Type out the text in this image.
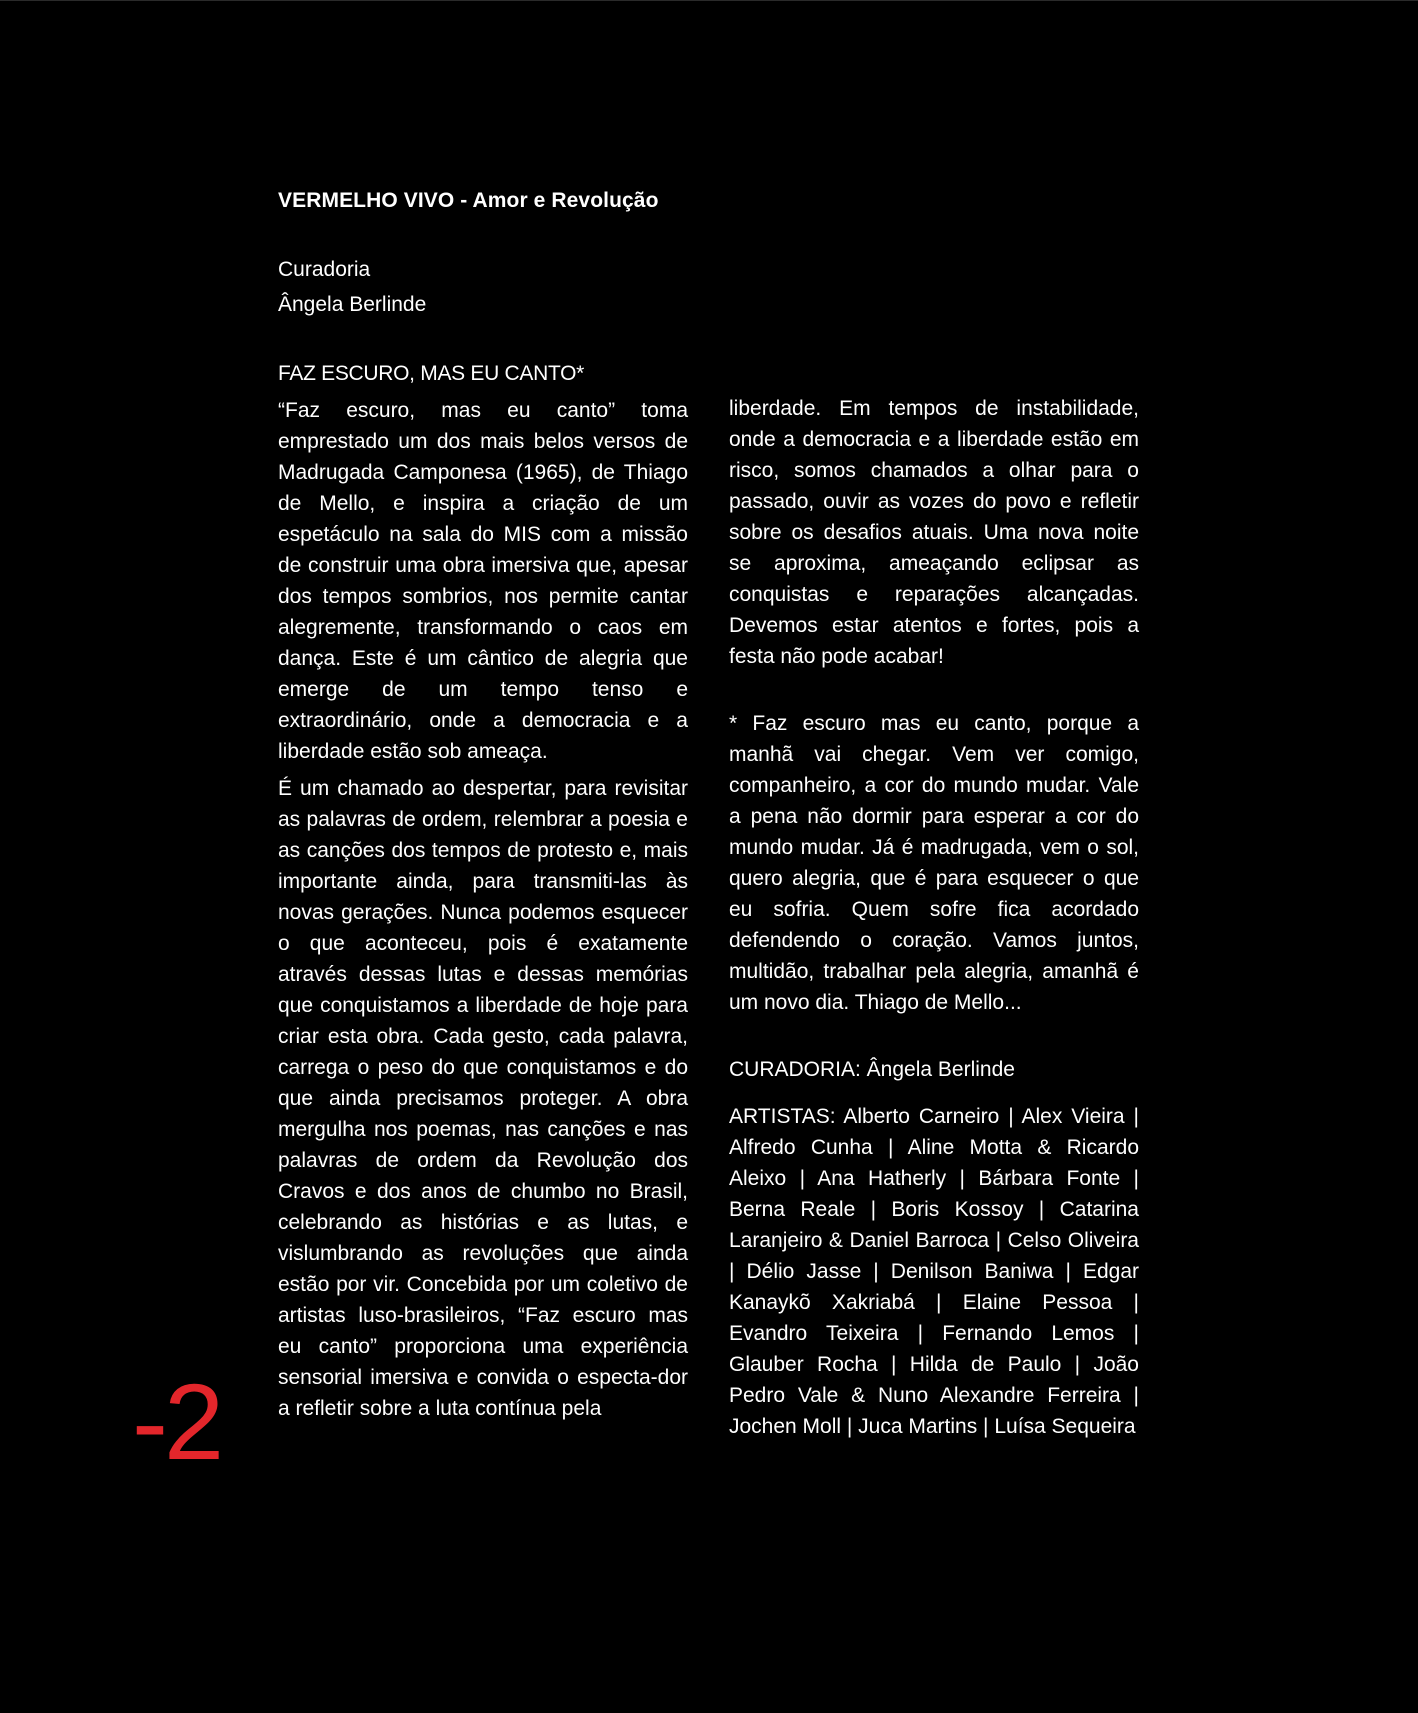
VERMELHO VIVO - Amor e Revolução
Curadoria
Ângela Berlinde

FAZ ESCURO, MAS EU CANTO*

“Faz escuro, mas eu canto” toma emprestado um dos mais belos versos de Madrugada Camponesa (1965), de Thiago de Mello, e inspira a criação de um espetáculo na sala do MIS com a missão de construir uma obra imersiva que, apesar dos tempos sombrios, nos permite cantar alegremente, transformando o caos em dança. Este é um cântico de alegria que emerge de um tempo tenso e extraordinário, onde a democracia e a liberdade estão sob ameaça.

É um chamado ao despertar, para revisitar as palavras de ordem, relembrar a poesia e as canções dos tempos de protesto e, mais importante ainda, para transmiti-las às novas gerações. Nunca podemos esquecer o que aconteceu, pois é exatamente através dessas lutas e dessas memórias que conquistamos a liberdade de hoje para criar esta obra. Cada gesto, cada palavra, carrega o peso do que conquistamos e do que ainda precisamos proteger. A obra mergulha nos poemas, nas canções e nas palavras de ordem da Revolução dos Cravos e dos anos de chumbo no Brasil, celebrando as histórias e as lutas, e vislumbrando as revoluções que ainda estão por vir. Concebida por um coletivo de artistas luso-brasileiros, “Faz escuro mas eu canto” proporciona uma experiência sensorial imersiva e convida o especta-dor a refletir sobre a luta contínua pela

liberdade. Em tempos de instabilidade, onde a democracia e a liberdade estão em risco, somos chamados a olhar para o passado, ouvir as vozes do povo e refletir sobre os desafios atuais. Uma nova noite se aproxima, ameaçando eclipsar as conquistas e reparações alcançadas. Devemos estar atentos e fortes, pois a festa não pode acabar!

* Faz escuro mas eu canto, porque a manhã vai chegar. Vem ver comigo, companheiro, a cor do mundo mudar. Vale a pena não dormir para esperar a cor do mundo mudar. Já é madrugada, vem o sol, quero alegria, que é para esquecer o que eu sofria. Quem sofre fica acordado defendendo o coração. Vamos juntos, multidão, trabalhar pela alegria, amanhã é um novo dia. Thiago de Mello...

CURADORIA: Ângela Berlinde

ARTISTAS: Alberto Carneiro | Alex Vieira | Alfredo Cunha | Aline Motta & Ricardo Aleixo | Ana Hatherly | Bárbara Fonte | Berna Reale | Boris Kossoy | Catarina Laranjeiro & Daniel Barroca | Celso Oliveira | Délio Jasse | Denilson Baniwa | Edgar Kanaykõ Xakriabá | Elaine Pessoa | Evandro Teixeira | Fernando Lemos | Glauber Rocha | Hilda de Paulo | João Pedro Vale & Nuno Alexandre Ferreira | Jochen Moll | Juca Martins | Luísa Sequeira

-2
